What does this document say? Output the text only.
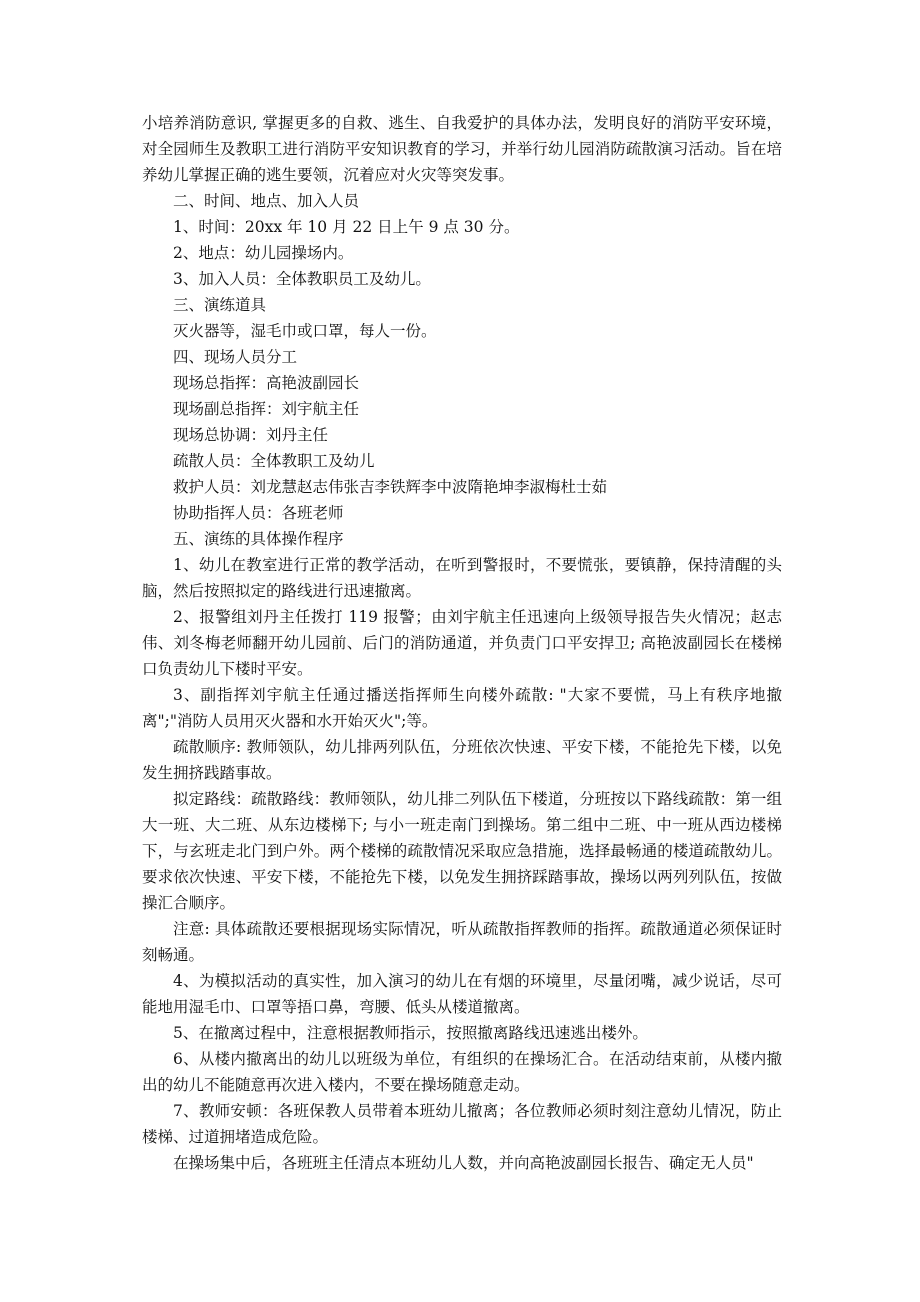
小培养消防意识, 掌握更多的自救、逃生、自我爱护的具体办法，发明良好的消防平安环境，对全园师生及教职工进行消防平安知识教育的学习，并举行幼儿园消防疏散演习活动。旨在培养幼儿掌握正确的逃生要领，沉着应对火灾等突发事。

二、时间、地点、加入人员

1、时间：20xx 年 10 月 22 日上午 9 点 30 分。

2、地点：幼儿园操场内。

3、加入人员：全体教职员工及幼儿。

三、演练道具

灭火器等，湿毛巾或口罩，每人一份。

四、现场人员分工

现场总指挥：高艳波副园长

现场副总指挥：刘宇航主任

现场总协调：刘丹主任

疏散人员：全体教职工及幼儿

救护人员：刘龙慧赵志伟张吉李铁辉李中波隋艳坤李淑梅杜士茹

协助指挥人员：各班老师

五、演练的具体操作程序

1、幼儿在教室进行正常的教学活动，在听到警报时，不要慌张，要镇静，保持清醒的头脑，然后按照拟定的路线进行迅速撤离。

2、报警组刘丹主任拨打 119 报警；由刘宇航主任迅速向上级领导报告失火情况；赵志伟、刘冬梅老师翻开幼儿园前、后门的消防通道，并负责门口平安捍卫; 高艳波副园长在楼梯口负责幼儿下楼时平安。

3、副指挥刘宇航主任通过播送指挥师生向楼外疏散: "大家不要慌，马上有秩序地撤离";"消防人员用灭火器和水开始灭火";等。

疏散顺序: 教师领队，幼儿排两列队伍，分班依次快速、平安下楼，不能抢先下楼，以免发生拥挤践踏事故。

拟定路线：疏散路线：教师领队，幼儿排二列队伍下楼道，分班按以下路线疏散：第一组大一班、大二班、从东边楼梯下; 与小一班走南门到操场。第二组中二班、中一班从西边楼梯下，与玄班走北门到户外。两个楼梯的疏散情况采取应急措施，选择最畅通的楼道疏散幼儿。要求依次快速、平安下楼，不能抢先下楼，以免发生拥挤踩踏事故，操场以两列列队伍，按做操汇合顺序。

注意: 具体疏散还要根据现场实际情况，听从疏散指挥教师的指挥。疏散通道必须保证时刻畅通。

4、为模拟活动的真实性，加入演习的幼儿在有烟的环境里，尽量闭嘴，减少说话，尽可能地用湿毛巾、口罩等捂口鼻，弯腰、低头从楼道撤离。

5、在撤离过程中，注意根据教师指示，按照撤离路线迅速逃出楼外。

6、从楼内撤离出的幼儿以班级为单位，有组织的在操场汇合。在活动结束前，从楼内撤出的幼儿不能随意再次进入楼内，不要在操场随意走动。

7、教师安顿：各班保教人员带着本班幼儿撤离；各位教师必须时刻注意幼儿情况，防止楼梯、过道拥堵造成危险。

在操场集中后，各班班主任清点本班幼儿人数，并向高艳波副园长报告、确定无人员"
